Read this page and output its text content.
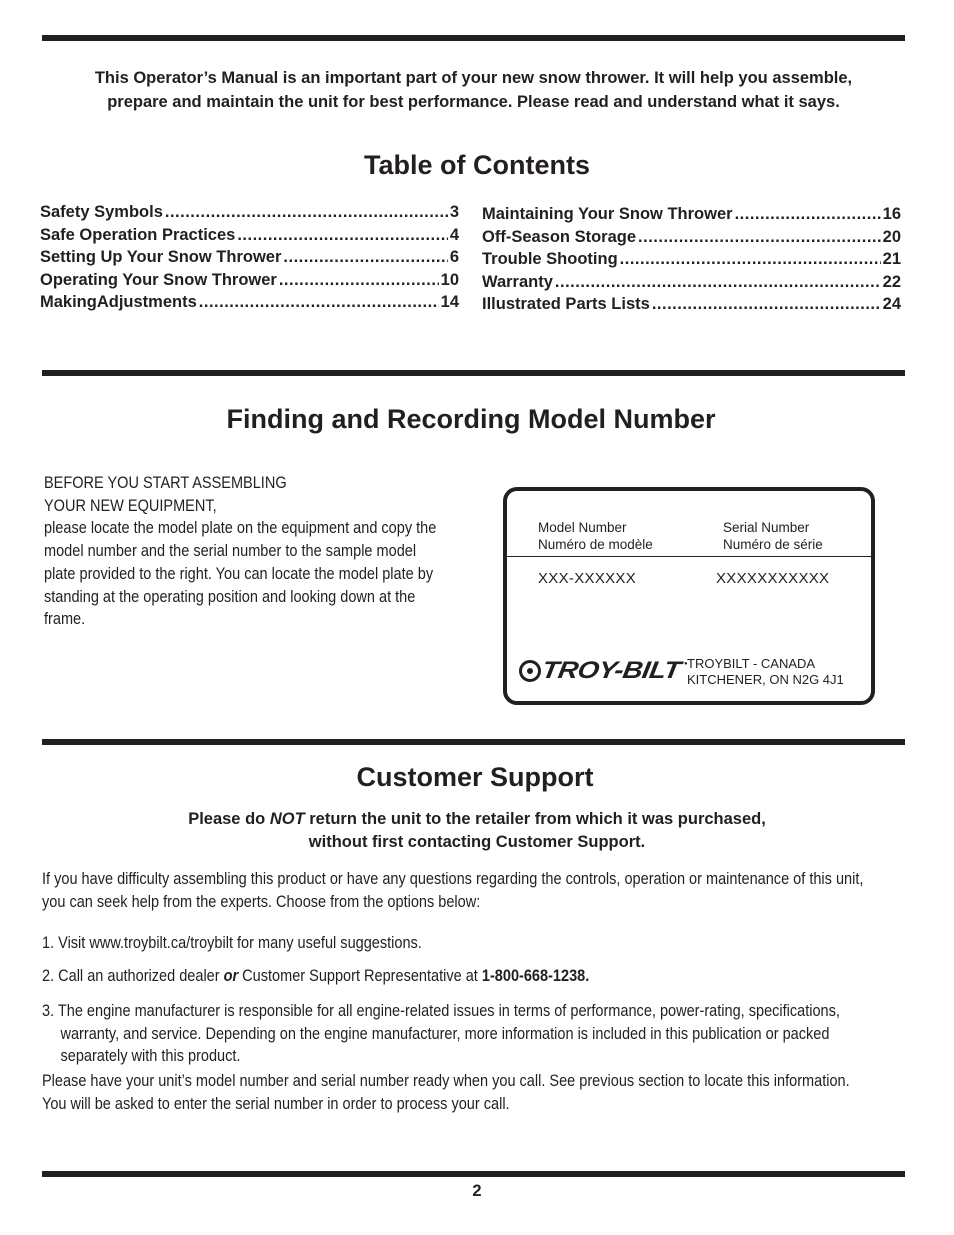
This Operator’s Manual is an important part of your new snow thrower. It will help you assemble,
prepare and maintain the unit for best performance. Please read and understand what it says.
Table of Contents
Safety Symbols .....	3
Safe Operation Practices .....	4
Setting Up Your Snow Thrower .....	6
Operating Your Snow Thrower .....	10
MakingAdjustments .....	14
Maintaining Your Snow Thrower .....	16
Off-Season Storage .....	20
Trouble Shooting .....	21
Warranty .....	22
Illustrated Parts Lists .....	24
Finding and Recording Model Number
BEFORE YOU START ASSEMBLING
YOUR NEW EQUIPMENT,
please locate the model plate on the equipment and copy the
model number and the serial number to the sample model
plate provided to the right. You can locate the model plate by
standing at the operating position and looking down at the
frame.
Model Number
Numéro de modèle
Serial Number
Numéro de série
XXX-XXXXXX	XXXXXXXXXXX
TROY-BILT ● TROYBILT - CANADA
KITCHENER, ON N2G 4J1
Customer Support
Please do NOT return the unit to the retailer from which it was purchased,
without first contacting Customer Support.
If you have difficulty assembling this product or have any questions regarding the controls, operation or maintenance of this unit,
you can seek help from the experts. Choose from the options below:
1. Visit www.troybilt.ca/troybilt for many useful suggestions.
2. Call an authorized dealer or Customer Support Representative at 1-800-668-1238.
3. The engine manufacturer is responsible for all engine-related issues in terms of performance, power-rating, specifications,
warranty, and service. Depending on the engine manufacturer, more information is included in this publication or packed
separately with this product.
Please have your unit’s model number and serial number ready when you call. See previous section to locate this information.
You will be asked to enter the serial number in order to process your call.
2
